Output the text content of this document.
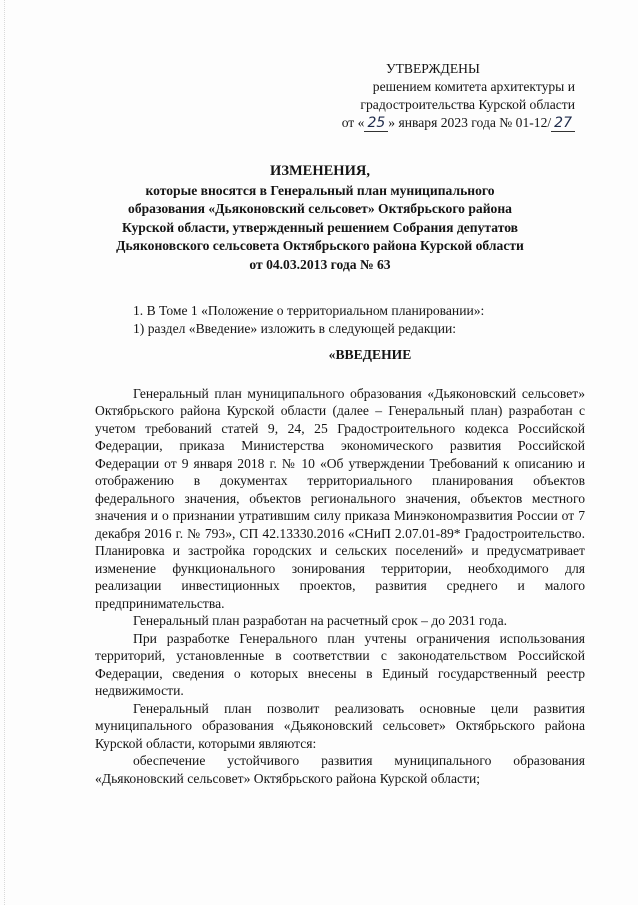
УТВЕРЖДЕНЫ
решением комитета архитектуры и
градостроительства Курской области
от « 25 » января 2023 года № 01-12/ 27
ИЗМЕНЕНИЯ,
которые вносятся в Генеральный план муниципального
образования «Дьяконовский сельсовет» Октябрьского района
Курской области, утвержденный решением Собрания депутатов
Дьяконовского сельсовета Октябрьского района Курской области
от 04.03.2013 года № 63

1. В Томе 1 «Положение о территориальном планировании»:

1) раздел «Введение» изложить в следующей редакции:

«ВВЕДЕНИЕ

Генеральный план муниципального образования «Дьяконовский сельсовет» Октябрьского района Курской области (далее – Генеральный план) разработан с учетом требований статей 9, 24, 25 Градостроительного кодекса Российской Федерации, приказа Министерства экономического развития Российской Федерации от 9 января 2018 г. № 10 «Об утверждении Требований к описанию и отображению в документах территориального планирования объектов федерального значения, объектов регионального значения, объектов местного значения и о признании утратившим силу приказа Минэкономразвития России от 7 декабря 2016 г. № 793», СП 42.13330.2016 «СНиП 2.07.01-89* Градостроительство. Планировка и застройка городских и сельских поселений» и предусматривает изменение функционального зонирования территории, необходимого для реализации инвестиционных проектов, развития среднего и малого предпринимательства.

Генеральный план разработан на расчетный срок – до 2031 года.

При разработке Генерального план учтены ограничения использования территорий, установленные в соответствии с законодательством Российской Федерации, сведения о которых внесены в Единый государственный реестр недвижимости.

Генеральный план позволит реализовать основные цели развития муниципального образования «Дьяконовский сельсовет» Октябрьского района Курской области, которыми являются:

обеспечение устойчивого развития муниципального образования «Дьяконовский сельсовет» Октябрьского района Курской области;
